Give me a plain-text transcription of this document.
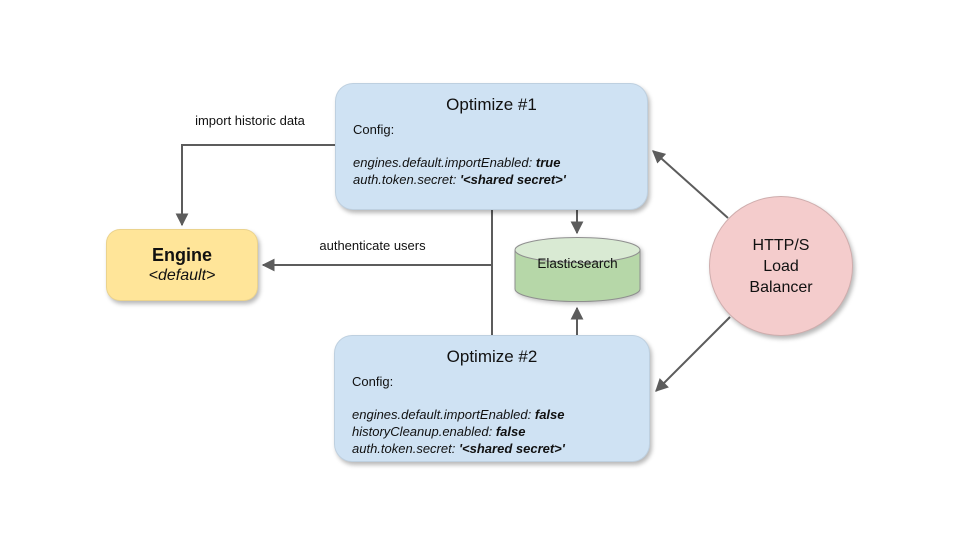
import historic data
authenticate users
Optimize #1
Config:
engines.default.importEnabled: true
auth.token.secret: '<shared secret>'
Optimize #2
Config:
engines.default.importEnabled: false
historyCleanup.enabled: false
auth.token.secret: '<shared secret>'
Engine
<default>
Elasticsearch
HTTP/S
Load
Balancer
